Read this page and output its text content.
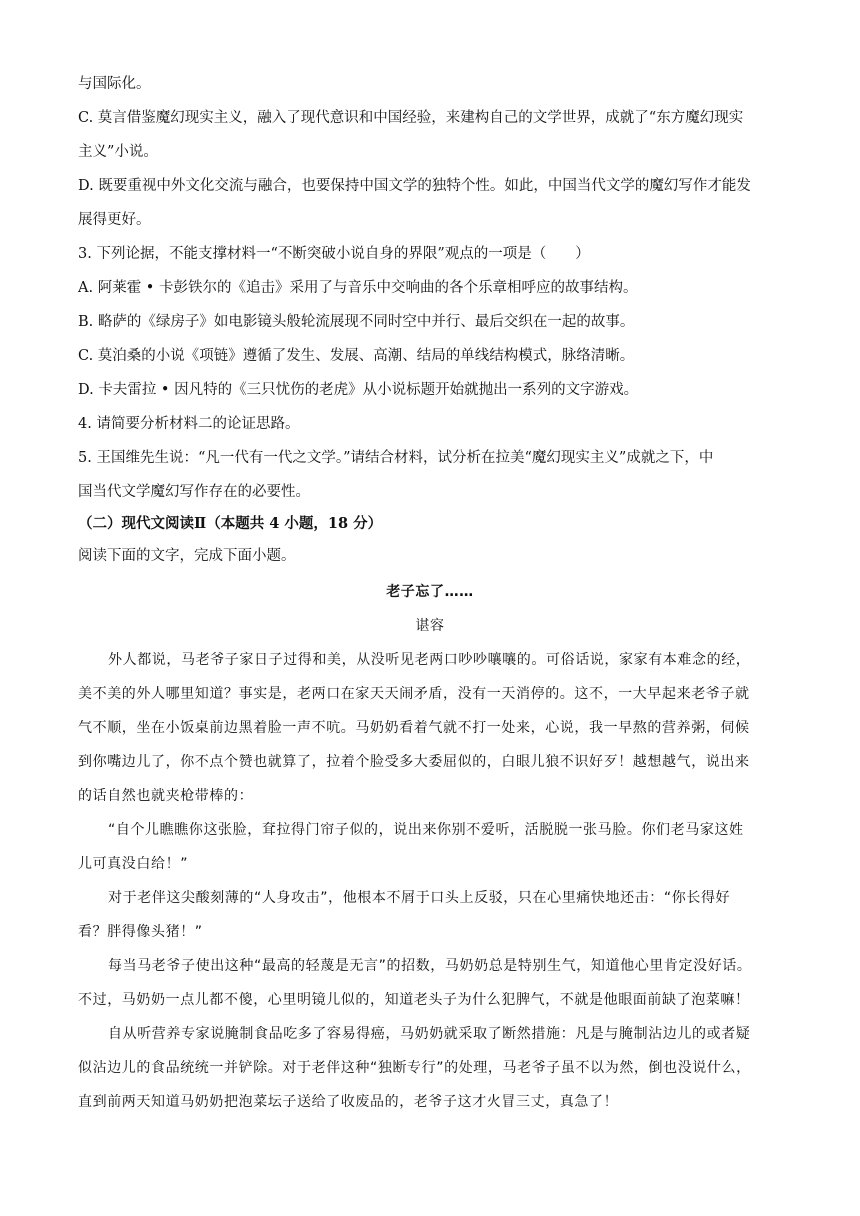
与国际化。
C. 莫言借鉴魔幻现实主义，融入了现代意识和中国经验，来建构自己的文学世界，成就了“东方魔幻现实
主义”小说。
D. 既要重视中外文化交流与融合，也要保持中国文学的独特个性。如此，中国当代文学的魔幻写作才能发
展得更好。
3. 下列论据，不能支撑材料一“不断突破小说自身的界限”观点的一项是（　　）
A. 阿莱霍 • 卡彭铁尔的《追击》采用了与音乐中交响曲的各个乐章相呼应的故事结构。
B. 略萨的《绿房子》如电影镜头般轮流展现不同时空中并行、最后交织在一起的故事。
C. 莫泊桑的小说《项链》遵循了发生、发展、高潮、结局的单线结构模式，脉络清晰。
D. 卡夫雷拉 • 因凡特的《三只忧伤的老虎》从小说标题开始就抛出一系列的文字游戏。
4. 请简要分析材料二的论证思路。
5. 王国维先生说：“凡一代有一代之文学。”请结合材料，试分析在拉美“魔幻现实主义”成就之下，中
国当代文学魔幻写作存在的必要性。
（二）现代文阅读Ⅱ（本题共 4 小题，18 分）
阅读下面的文字，完成下面小题。
老子忘了……
谌容
外人都说，马老爷子家日子过得和美，从没听见老两口吵吵嚷嚷的。可俗话说，家家有本难念的经，
美不美的外人哪里知道？事实是，老两口在家天天闹矛盾，没有一天消停的。这不，一大早起来老爷子就
气不顺，坐在小饭桌前边黑着脸一声不吭。马奶奶看着气就不打一处来，心说，我一早熬的营养粥，伺候
到你嘴边儿了，你不点个赞也就算了，拉着个脸受多大委屈似的，白眼儿狼不识好歹！越想越气，说出来
的话自然也就夹枪带棒的：
“自个儿瞧瞧你这张脸，耷拉得门帘子似的，说出来你别不爱听，活脱脱一张马脸。你们老马家这姓
儿可真没白给！”
对于老伴这尖酸刻薄的“人身攻击”，他根本不屑于口头上反驳，只在心里痛快地还击：“你长得好
看？胖得像头猪！”
每当马老爷子使出这种“最高的轻蔑是无言”的招数，马奶奶总是特别生气，知道他心里肯定没好话。
不过，马奶奶一点儿都不傻，心里明镜儿似的，知道老头子为什么犯脾气，不就是他眼面前缺了泡菜嘛！
自从听营养专家说腌制食品吃多了容易得癌，马奶奶就采取了断然措施：凡是与腌制沾边儿的或者疑
似沾边儿的食品统统一并铲除。对于老伴这种“独断专行”的处理，马老爷子虽不以为然，倒也没说什么，
直到前两天知道马奶奶把泡菜坛子送给了收废品的，老爷子这才火冒三丈，真急了！
